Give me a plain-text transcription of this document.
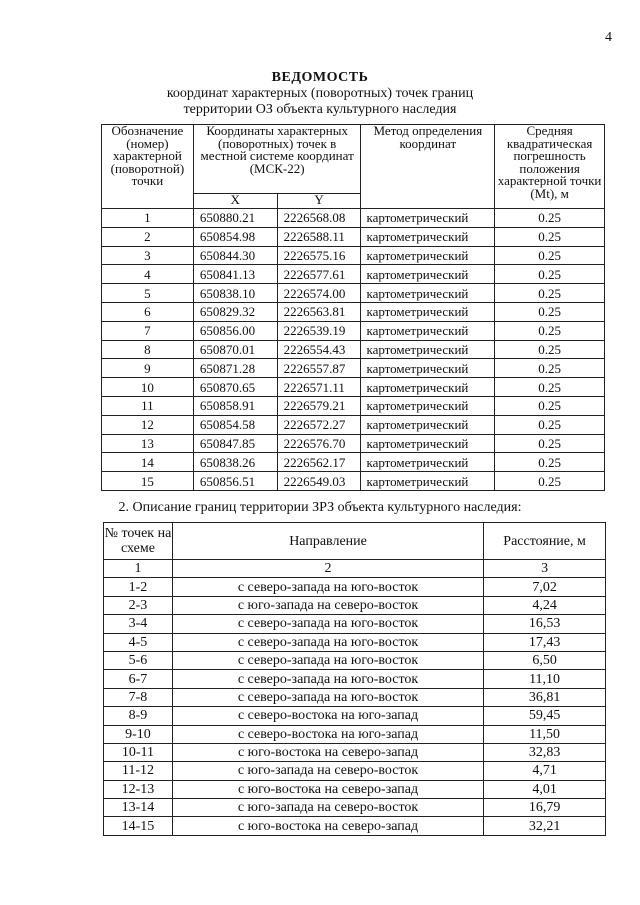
4
ВЕДОМОСТЬ
координат характерных (поворотных) точек границ
территории ОЗ объекта культурного наследия
Обозначение (номер) характерной (поворотной) точки	Координаты характерных (поворотных) точек в местной системе координат (МСК-22)		Метод определения координат	Средняя квадратическая погрешность положения характерной точки (Mt), м
	X	Y		
1	650880.21	2226568.08	картометрический	0.25
2	650854.98	2226588.11	картометрический	0.25
3	650844.30	2226575.16	картометрический	0.25
4	650841.13	2226577.61	картометрический	0.25
5	650838.10	2226574.00	картометрический	0.25
6	650829.32	2226563.81	картометрический	0.25
7	650856.00	2226539.19	картометрический	0.25
8	650870.01	2226554.43	картометрический	0.25
9	650871.28	2226557.87	картометрический	0.25
10	650870.65	2226571.11	картометрический	0.25
11	650858.91	2226579.21	картометрический	0.25
12	650854.58	2226572.27	картометрический	0.25
13	650847.85	2226576.70	картометрический	0.25
14	650838.26	2226562.17	картометрический	0.25
15	650856.51	2226549.03	картометрический	0.25
2. Описание границ территории ЗРЗ объекта культурного наследия:
№ точек на схеме	Направление	Расстояние, м
1	2	3
1-2	с северо-запада на юго-восток	7,02
2-3	с юго-запада на северо-восток	4,24
3-4	с северо-запада на юго-восток	16,53
4-5	с северо-запада на юго-восток	17,43
5-6	с северо-запада на юго-восток	6,50
6-7	с северо-запада на юго-восток	11,10
7-8	с северо-запада на юго-восток	36,81
8-9	с северо-востока на юго-запад	59,45
9-10	с северо-востока на юго-запад	11,50
10-11	с юго-востока на северо-запад	32,83
11-12	с юго-запада на северо-восток	4,71
12-13	с юго-востока на северо-запад	4,01
13-14	с юго-запада на северо-восток	16,79
14-15	с юго-востока на северо-запад	32,21
